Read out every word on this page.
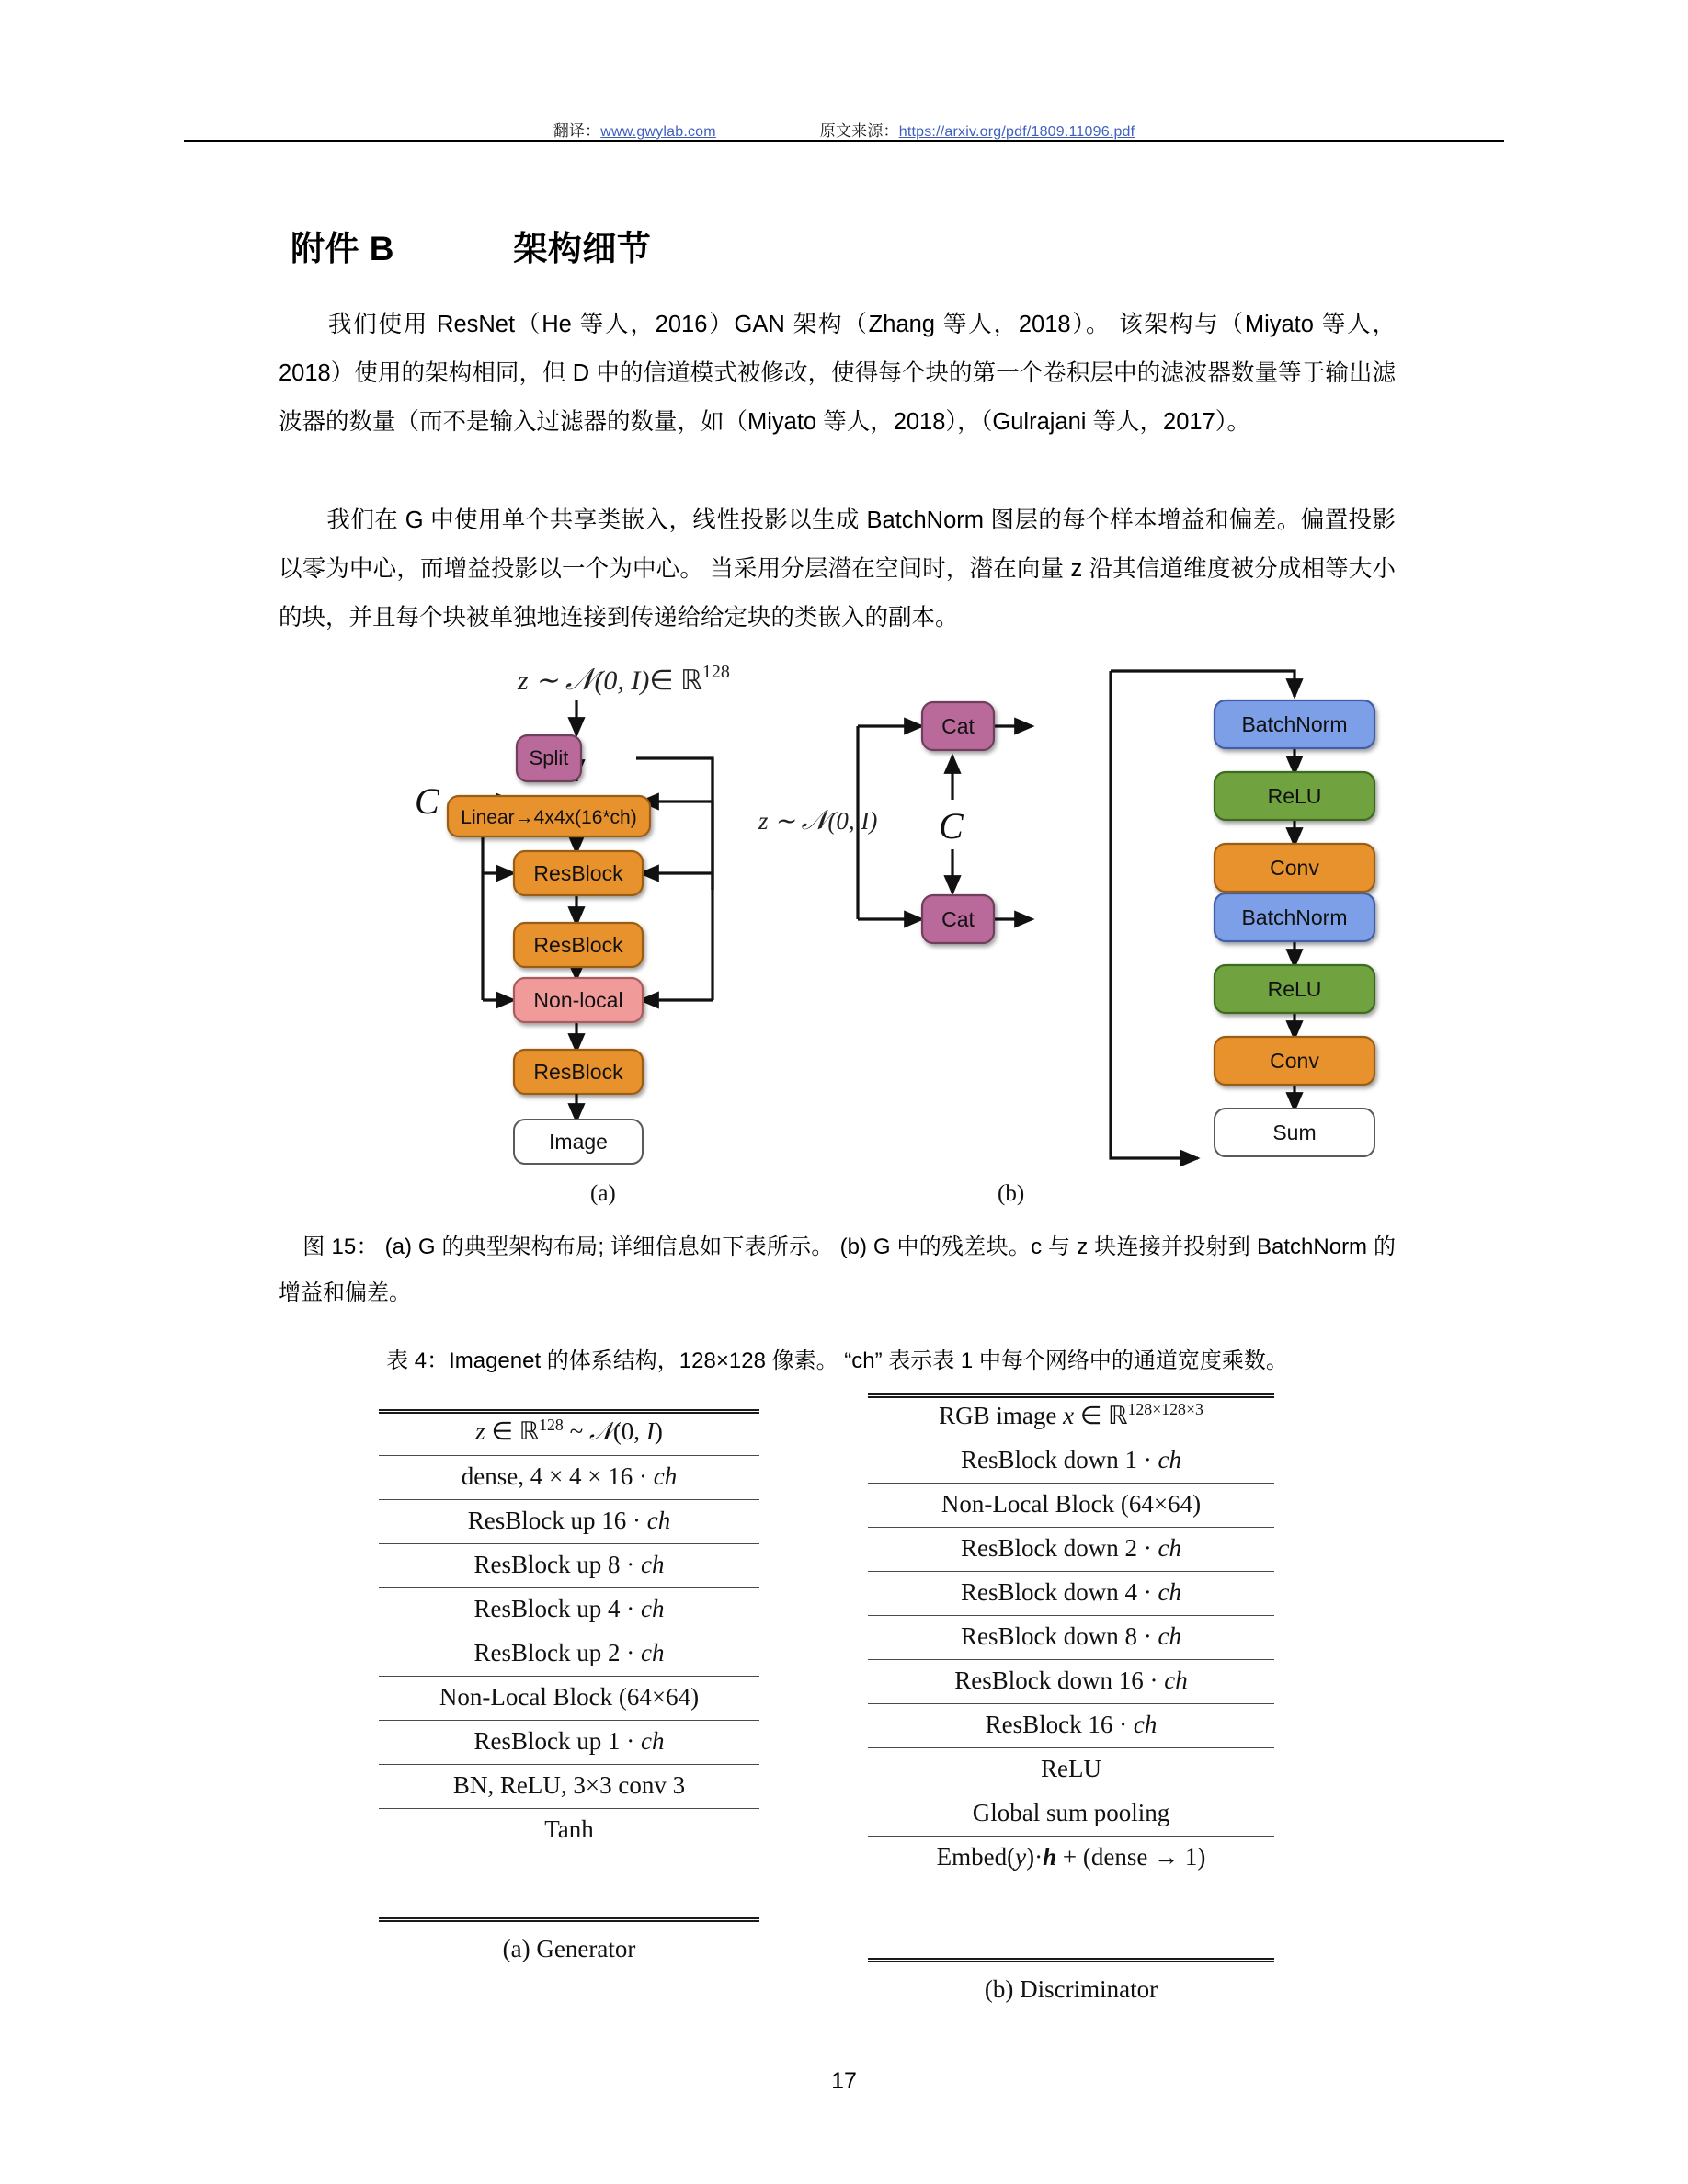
翻译：www.gwylab.com	原文来源：https://arxiv.org/pdf/1809.11096.pdf
附件 B            架构细节
我们使用 ResNet（He 等人，2016）GAN 架构（Zhang 等人，2018）。 该架构与（Miyato 等人，2018）使用的架构相同，但 D 中的信道模式被修改，使得每个块的第一个卷积层中的滤波器数量等于输出滤波器的数量（而不是输入过滤器的数量，如（Miyato 等人，2018），（Gulrajani 等人，2017）。
我们在 G 中使用单个共享类嵌入，线性投影以生成 BatchNorm 图层的每个样本增益和偏差。偏置投影以零为中心，而增益投影以一个为中心。 当采用分层潜在空间时，潜在向量 z 沿其信道维度被分成相等大小的块，并且每个块被单独地连接到传递给给定块的类嵌入的副本。
z ∼ 𝒩(0, I)∈ ℝ$^{128}$
C
Split
Linear→4x4x(16*ch)
ResBlock
ResBlock
Non-local
ResBlock
Image
z ∼ 𝒩(0, I) C
Cat	BatchNorm
ReLU
Conv
Cat	BatchNorm
ReLU
Conv
Sum
(a)	(b)
图 15： (a) G 的典型架构布局; 详细信息如下表所示。 (b) G 中的残差块。c 与 z 块连接并投射到 BatchNorm 的增益和偏差。
表 4：Imagenet 的体系结构，128×128 像素。 “ch” 表示表 1 中每个网络中的通道宽度乘数。
z ∈ ℝ$^{128}$ ~ 𝒩(0, I)
dense, 4 × 4 × 16 · ch
ResBlock up 16 · ch
ResBlock up 8 · ch
ResBlock up 4 · ch
ResBlock up 2 · ch
Non-Local Block (64×64)
ResBlock up 1 · ch
BN, ReLU, 3×3 conv 3
Tanh
(a) Generator
RGB image x ∈ ℝ$^{128\times 128\times 3}$
ResBlock down 1 · ch
Non-Local Block (64×64)
ResBlock down 2 · ch
ResBlock down 4 · ch
ResBlock down 8 · ch
ResBlock down 16 · ch
ResBlock 16 · ch
ReLU
Global sum pooling
Embed(y)·h + (dense → 1)
(b) Discriminator
17
